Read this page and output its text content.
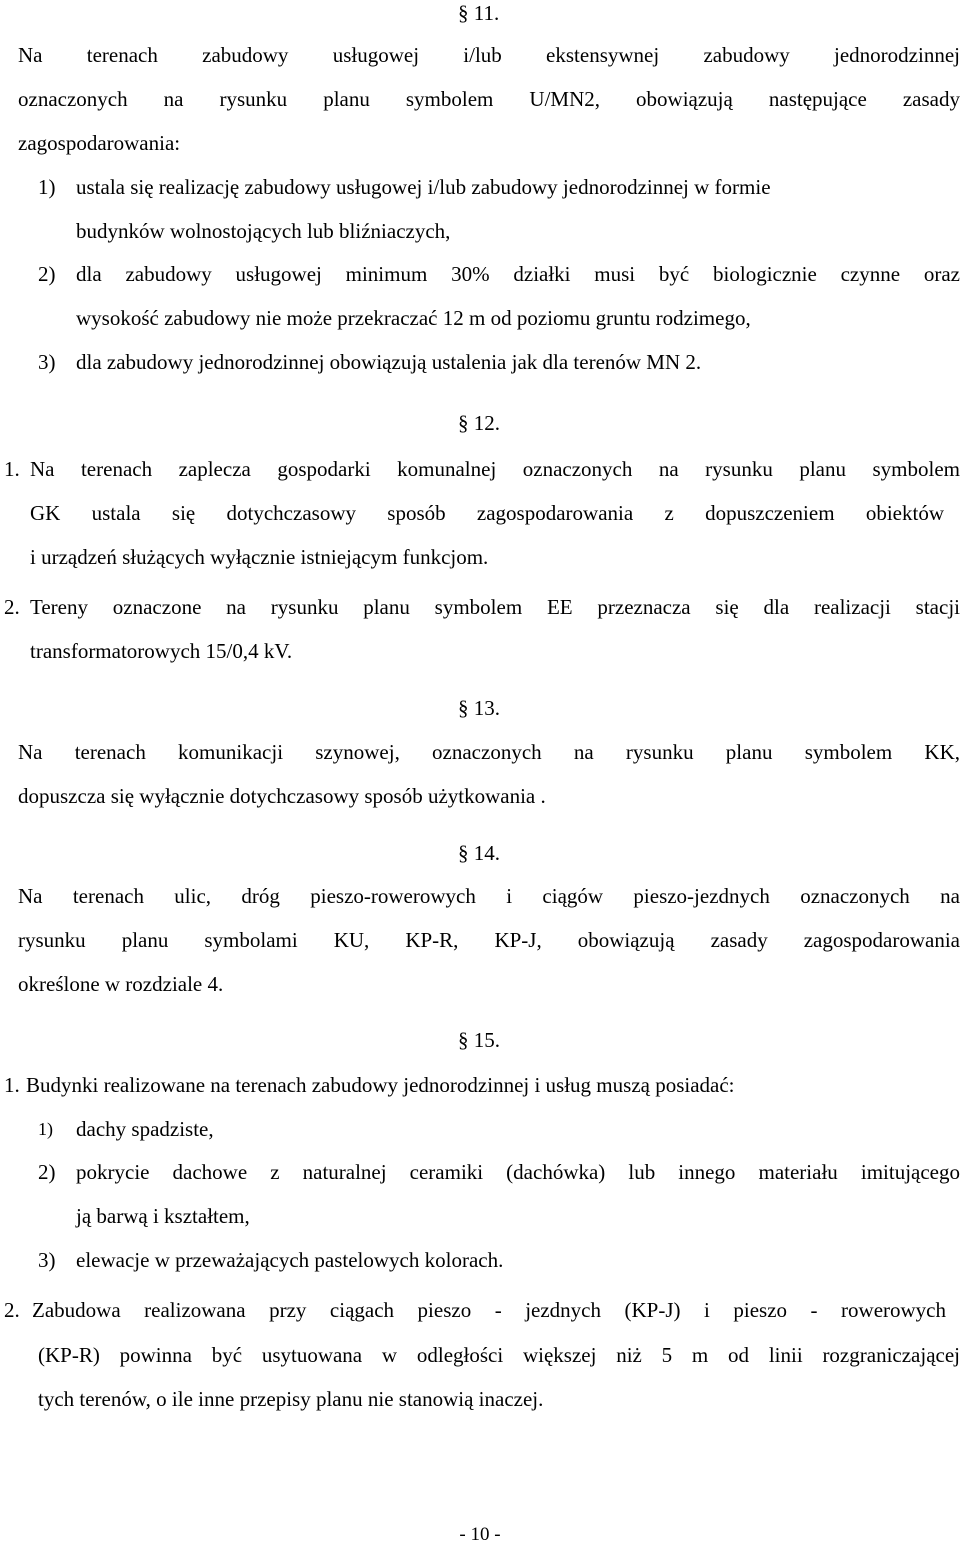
§ 11.
Na terenach zabudowy usługowej i/lub ekstensywnej zabudowy jednorodzinnej
oznaczonych na rysunku planu symbolem U/MN2, obowiązują następujące zasady
zagospodarowania:
1) ustala się realizację zabudowy usługowej i/lub zabudowy jednorodzinnej w formie
budynków wolnostojących lub bliźniaczych,
2) dla zabudowy usługowej minimum 30% działki musi być biologicznie czynne oraz
wysokość zabudowy nie może przekraczać 12 m od poziomu gruntu rodzimego,
3) dla zabudowy jednorodzinnej obowiązują ustalenia jak dla terenów MN 2.
§ 12.
1. Na terenach zaplecza gospodarki komunalnej oznaczonych na rysunku planu symbolem
GK ustala się dotychczasowy sposób zagospodarowania z dopuszczeniem obiektów
i urządzeń służących wyłącznie istniejącym funkcjom.
2. Tereny oznaczone na rysunku planu symbolem EE przeznacza się dla realizacji stacji
transformatorowych 15/0,4 kV.
§ 13.
Na terenach komunikacji szynowej, oznaczonych na rysunku planu symbolem KK,
dopuszcza się wyłącznie dotychczasowy sposób użytkowania .
§ 14.
Na terenach ulic, dróg pieszo-rowerowych i ciągów pieszo-jezdnych oznaczonych na
rysunku planu symbolami KU, KP-R, KP-J, obowiązują zasady zagospodarowania
określone w rozdziale 4.
§ 15.
1. Budynki realizowane na terenach zabudowy jednorodzinnej i usług muszą posiadać:
1) dachy spadziste,
2) pokrycie dachowe z naturalnej ceramiki (dachówka) lub innego materiału imitującego
ją barwą i kształtem,
3) elewacje w przeważających pastelowych kolorach.
2. Zabudowa realizowana przy ciągach pieszo - jezdnych (KP-J) i pieszo - rowerowych
(KP-R) powinna być usytuowana w odległości większej niż 5 m od linii rozgraniczającej
tych terenów, o ile inne przepisy planu nie stanowią inaczej.
- 10 -
